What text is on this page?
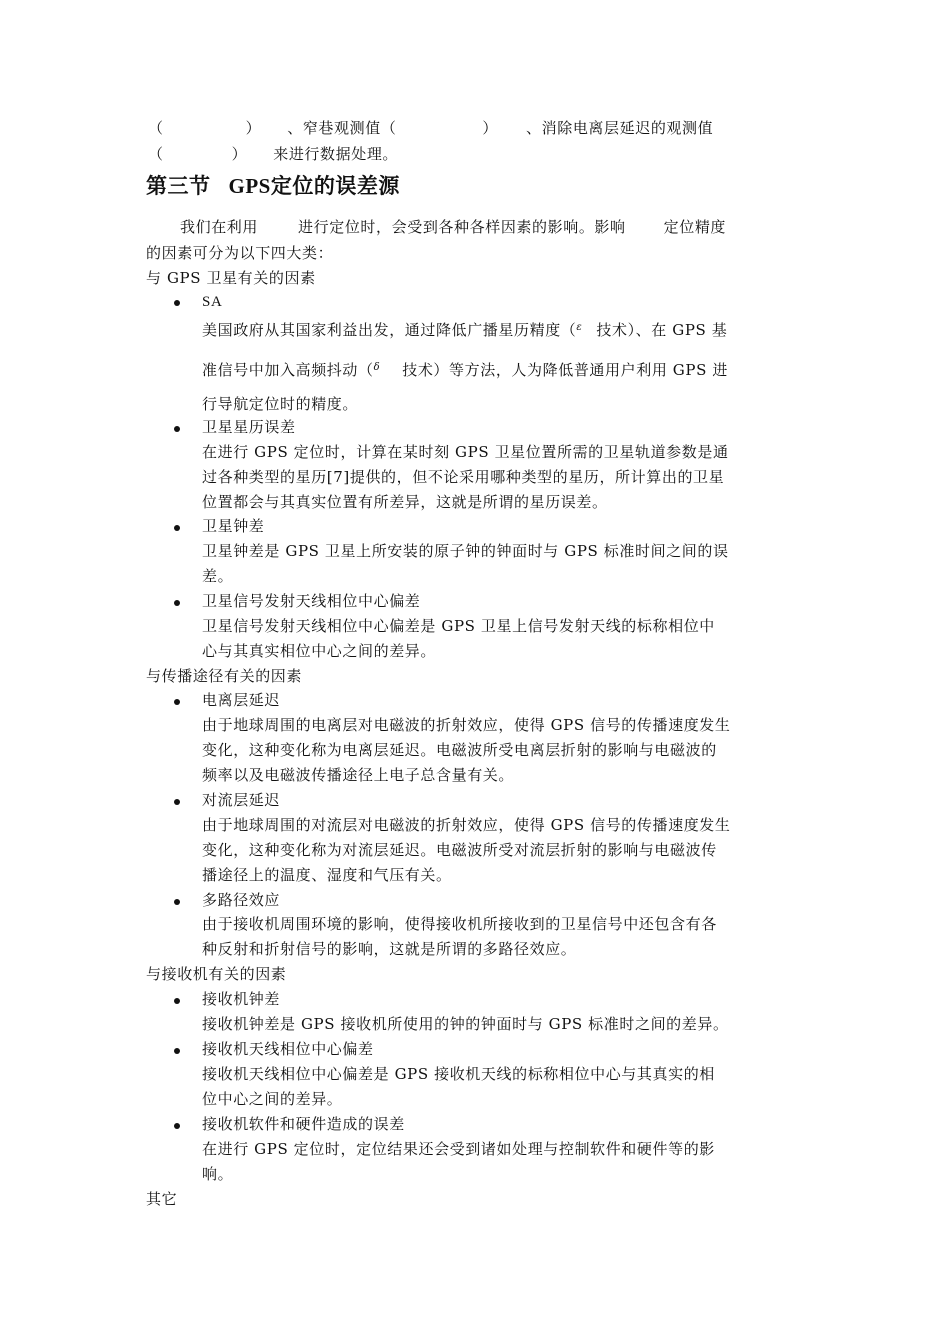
（	） 、窄巷观测值（	） 、消除电离层延迟的观测值

（	） 来进行数据处理。

第三节 GPS定位的误差源

我们在利用	进行定位时，会受到各种各样因素的影响。影响	定位精度

的因素可分为以下四大类：

与 GPS 卫星有关的因素

SA

美国政府从其国家利益出发，通过降低广播星历精度（$^\varepsilon$ 技术）、在 GPS 基

准信号中加入高频抖动（$^\delta$ 技术）等方法，人为降低普通用户利用 GPS 进

行导航定位时的精度。

卫星星历误差

在进行 GPS 定位时，计算在某时刻 GPS 卫星位置所需的卫星轨道参数是通

过各种类型的星历[7]提供的，但不论采用哪种类型的星历，所计算出的卫星

位置都会与其真实位置有所差异，这就是所谓的星历误差。

卫星钟差

卫星钟差是 GPS 卫星上所安装的原子钟的钟面时与 GPS 标准时间之间的误

差。

卫星信号发射天线相位中心偏差

卫星信号发射天线相位中心偏差是 GPS 卫星上信号发射天线的标称相位中

心与其真实相位中心之间的差异。

与传播途径有关的因素

电离层延迟

由于地球周围的电离层对电磁波的折射效应，使得 GPS 信号的传播速度发生

变化，这种变化称为电离层延迟。电磁波所受电离层折射的影响与电磁波的

频率以及电磁波传播途径上电子总含量有关。

对流层延迟

由于地球周围的对流层对电磁波的折射效应，使得 GPS 信号的传播速度发生

变化，这种变化称为对流层延迟。电磁波所受对流层折射的影响与电磁波传

播途径上的温度、湿度和气压有关。

多路径效应

由于接收机周围环境的影响，使得接收机所接收到的卫星信号中还包含有各

种反射和折射信号的影响，这就是所谓的多路径效应。

与接收机有关的因素

接收机钟差

接收机钟差是 GPS 接收机所使用的钟的钟面时与 GPS 标准时之间的差异。

接收机天线相位中心偏差

接收机天线相位中心偏差是 GPS 接收机天线的标称相位中心与其真实的相

位中心之间的差异。

接收机软件和硬件造成的误差

在进行 GPS 定位时，定位结果还会受到诸如处理与控制软件和硬件等的影

响。

其它
